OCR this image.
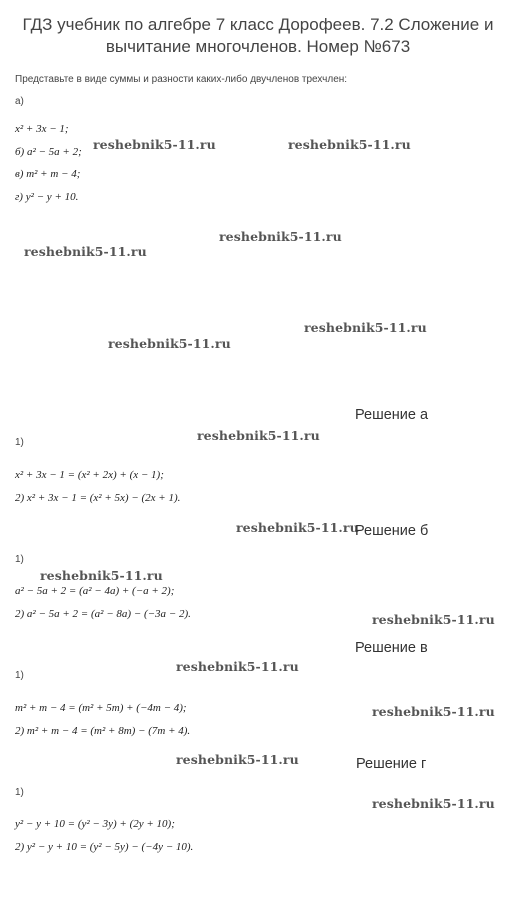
ГДЗ учебник по алгебре 7 класс Дорофеев. 7.2 Сложение и вычитание многочленов. Номер №673
Представьте в виде суммы и разности каких-либо двучленов трехчлен:
а)
x² + 3x − 1;
б) a² − 5a + 2;
в) m² + m − 4;
г) y² − y + 10.
reshebnik5-11.ru	reshebnik5-11.ru
reshebnik5-11.ru
reshebnik5-11.ru
reshebnik5-11.ru
reshebnik5-11.ru
reshebnik5-11.ru
reshebnik5-11.ru
reshebnik5-11.ru
reshebnik5-11.ru
reshebnik5-11.ru
reshebnik5-11.ru
reshebnik5-11.ru
reshebnik5-11.ru
Решение а
1)
x² + 3x − 1 = (x² + 2x) + (x − 1);
2) x² + 3x − 1 = (x² + 5x) − (2x + 1).
Решение б
1)
a² − 5a + 2 = (a² − 4a) + (−a + 2);
2) a² − 5a + 2 = (a² − 8a) − (−3a − 2).
Решение в
1)
m² + m − 4 = (m² + 5m) + (−4m − 4);
2) m² + m − 4 = (m² + 8m) − (7m + 4).
Решение г
1)
y² − y + 10 = (y² − 3y) + (2y + 10);
2) y² − y + 10 = (y² − 5y) − (−4y − 10).
